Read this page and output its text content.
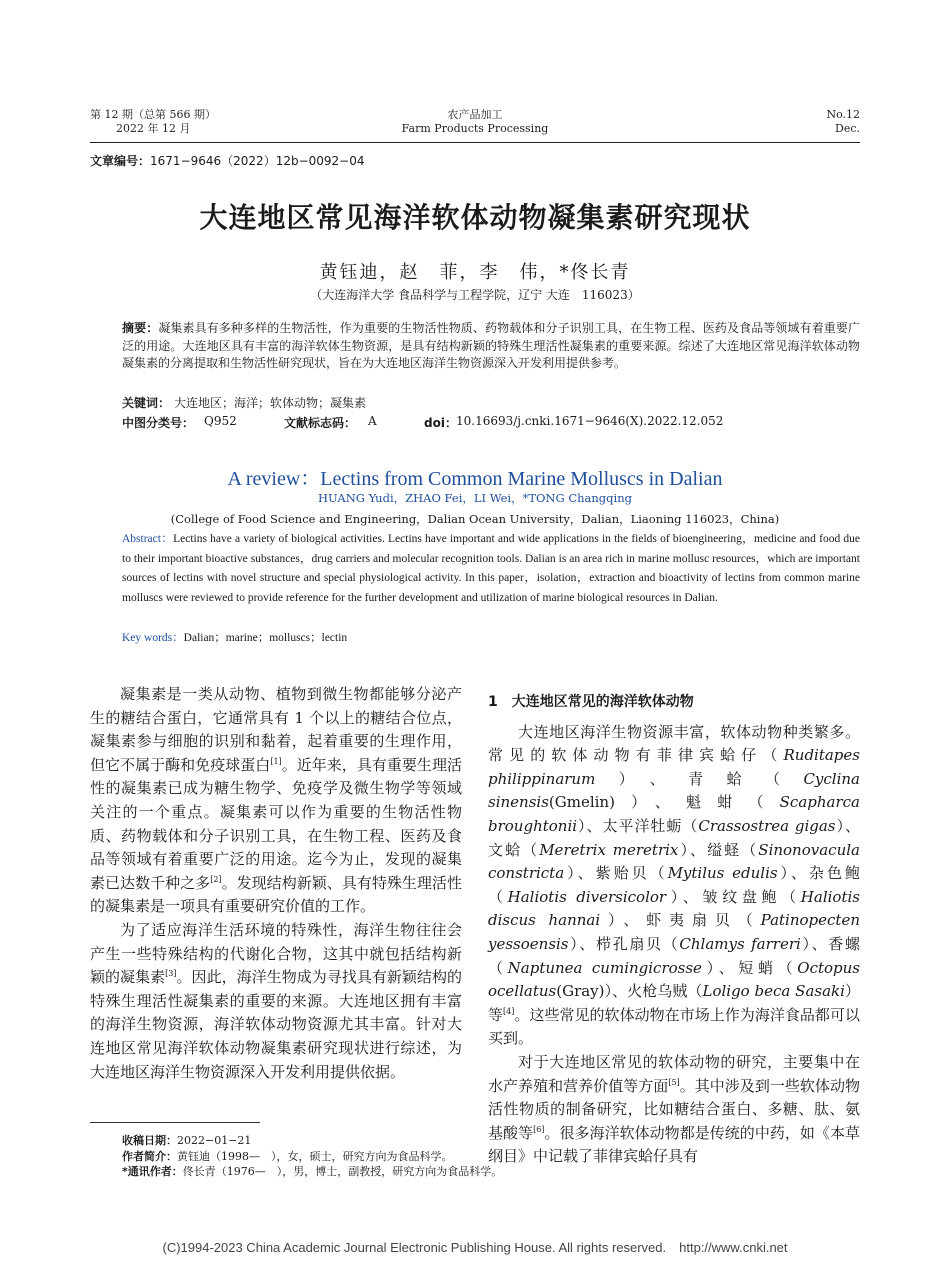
第 12 期（总第 566 期）
2022 年 12 月
农产品加工
Farm Products Processing
No.12
Dec.
文章编号：1671−9646（2022）12b−0092−04
大连地区常见海洋软体动物凝集素研究现状
黄钰迪，赵　菲，李　伟，*佟长青
（大连海洋大学 食品科学与工程学院，辽宁 大连　116023）
摘要：凝集素具有多种多样的生物活性，作为重要的生物活性物质、药物载体和分子识别工具，在生物工程、医药及食品等领域有着重要广泛的用途。大连地区具有丰富的海洋软体生物资源，是具有结构新颖的特殊生理活性凝集素的重要来源。综述了大连地区常见海洋软体动物凝集素的分离提取和生物活性研究现状，旨在为大连地区海洋生物资源深入开发利用提供参考。
关键词： 大连地区；海洋；软体动物；凝集素
中图分类号： Q952	文献标志码： A	doi： 10.16693/j.cnki.1671−9646(X).2022.12.052
A review：Lectins from Common Marine Molluscs in Dalian
HUANG Yudi，ZHAO Fei，LI Wei，*TONG Changqing
(College of Food Science and Engineering，Dalian Ocean University，Dalian，Liaoning 116023，China)
Abstract：Lectins have a variety of biological activities. Lectins have important and wide applications in the fields of bioengineering，medicine and food due to their important bioactive substances，drug carriers and molecular recognition tools. Dalian is an area rich in marine mollusc resources，which are important sources of lectins with novel structure and special physiological activity. In this paper，isolation，extraction and bioactivity of lectins from common marine molluscs were reviewed to provide reference for the further development and utilization of marine biological resources in Dalian.
Key words：Dalian；marine；molluscs；lectin

凝集素是一类从动物、植物到微生物都能够分泌产生的糖结合蛋白，它通常具有 1 个以上的糖结合位点，凝集素参与细胞的识别和黏着，起着重要的生理作用，但它不属于酶和免疫球蛋白[1]。近年来，具有重要生理活性的凝集素已成为糖生物学、免疫学及微生物学等领域关注的一个重点。凝集素可以作为重要的生物活性物质、药物载体和分子识别工具，在生物工程、医药及食品等领域有着重要广泛的用途。迄今为止，发现的凝集素已达数千种之多[2]。发现结构新颖、具有特殊生理活性的凝集素是一项具有重要研究价值的工作。

为了适应海洋生活环境的特殊性，海洋生物往往会产生一些特殊结构的代谢化合物，这其中就包括结构新颖的凝集素[3]。因此，海洋生物成为寻找具有新颖结构的特殊生理活性凝集素的重要的来源。大连地区拥有丰富的海洋生物资源，海洋软体动物资源尤其丰富。针对大连地区常见海洋软体动物凝集素研究现状进行综述，为大连地区海洋生物资源深入开发利用提供依据。

1　大连地区常见的海洋软体动物

大连地区海洋生物资源丰富，软体动物种类繁多。常见的软体动物有菲律宾蛤仔（Ruditapes philippinarum）、青蛤（Cyclina sinensis(Gmelin)）、魁蚶（Scapharca broughtonii）、太平洋牡蛎（Crassostrea gigas）、文蛤（Meretrix meretrix）、缢蛏（Sinonovacula constricta）、紫贻贝（Mytilus edulis）、杂色鲍（Haliotis diversicolor）、皱纹盘鲍（Haliotis discus hannai）、虾夷扇贝（Patinopecten yessoensis）、栉孔扇贝（Chlamys farreri）、香螺（Naptunea cumingicrosse）、短蛸（Octopus ocellatus(Gray)）、火枪乌贼（Loligo beca Sasaki）等[4]。这些常见的软体动物在市场上作为海洋食品都可以买到。

对于大连地区常见的软体动物的研究，主要集中在水产养殖和营养价值等方面[5]。其中涉及到一些软体动物活性物质的制备研究，比如糖结合蛋白、多糖、肽、氨基酸等[6]。很多海洋软体动物都是传统的中药，如《本草纲目》中记载了菲律宾蛤仔具有

收稿日期：2022−01−21
作者简介：黄钰迪（1998—　），女，硕士，研究方向为食品科学。
*通讯作者：佟长青（1976—　），男，博士，副教授，研究方向为食品科学。
(C)1994-2023 China Academic Journal Electronic Publishing House. All rights reserved.　http://www.cnki.net
